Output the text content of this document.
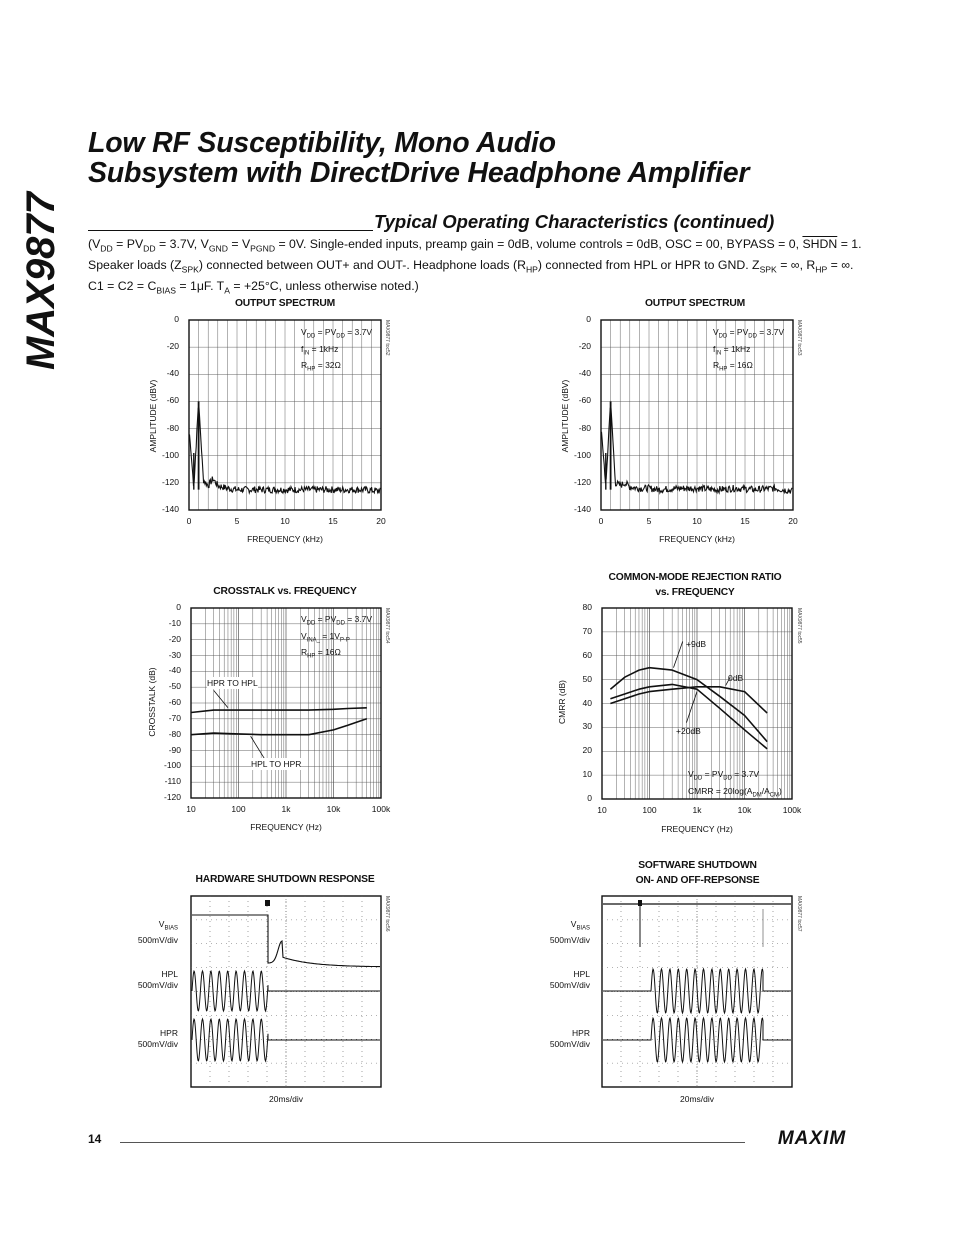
MAX9877
Low RF Susceptibility, Mono Audio
Subsystem with DirectDrive Headphone Amplifier
Typical Operating Characteristics (continued)
($V_{DD} = PV_{DD} = 3.7V$, $V_{GND} = V_{PGND} = 0V$. Single-ended inputs, preamp gain = 0dB, volume controls = 0dB, OSC = 00, BYPASS = 0, SHDN = 1. Speaker loads $(Z_{SPK})$ connected between OUT+ and OUT-. Headphone loads $(R_{HP})$ connected from HPL or HPR to GND. $Z_{SPK}$ = ∞, $R_{HP}$ = ∞. $C1 = C2 = C_{BIAS} = 1\mu F$. $T_A = +25^\circ C$, unless otherwise noted.)
OUTPUT SPECTRUM
$V_{DD} = PV_{DD} = 3.7V$
$f_{IN} = 1kHz$
$R_{HP} = 32\Omega$
MAX9877 toc52
AMPLITUDE (dBV)
FREQUENCY (kHz)
0
-20
-40
-60
-80
-100
-120
-140
0	5	10	15	20
OUTPUT SPECTRUM
$V_{DD} = PV_{DD} = 3.7V$
$f_{IN} = 1kHz$
$R_{HP} = 16\Omega$
MAX9877 toc53
AMPLITUDE (dBV)
FREQUENCY (kHz)
0
-20
-40
-60
-80
-100
-120
-140
0	5	10	15	20
CROSSTALK vs. FREQUENCY
$V_{DD} = PV_{DD} = 3.7V$
$V_{INA\_} = 1V_{P-P}$
$R_{HP} = 16\Omega$
MAX9877 toc54
HPR TO HPL
HPL TO HPR
CROSSTALK (dB)
FREQUENCY (Hz)
0
-10
-20
-30
-40
-50
-60
-70
-80
-90
-100
-110
-120
10	100	1k	10k	100k
COMMON-MODE REJECTION RATIO
vs. FREQUENCY
$V_{DD} = PV_{DD} = 3.7V$
CMRR = $20\log(A_{DM}/A_{CM})$
MAX9877 toc55
+9dB
0dB
+20dB
CMRR (dB)
FREQUENCY (Hz)
0
10
20
30
40
50
60
70
80
10	100	1k	10k	100k
HARDWARE SHUTDOWN RESPONSE
MAX9877 toc56
$V_{BIAS}$
500mV/div
HPL
500mV/div
HPR
500mV/div
20ms/div
SOFTWARE SHUTDOWN
ON- AND OFF-REPSONSE
MAX9877 toc57
$V_{BIAS}$
500mV/div
HPL
500mV/div
HPR
500mV/div
20ms/div
14	MAXIM
